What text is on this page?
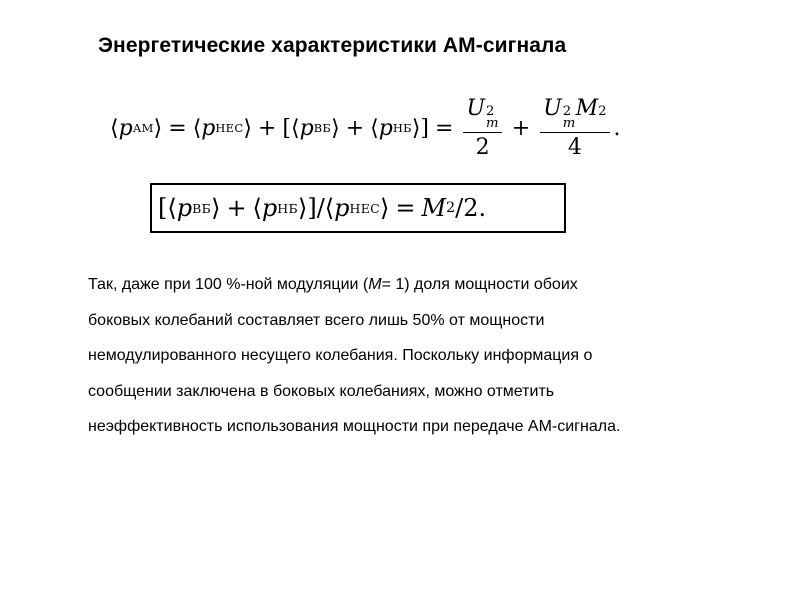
Энергетические характеристики АМ-сигнала
⟨ p АМ ⟩ = ⟨ p НЕС ⟩ + [ ⟨ p ВБ ⟩ + ⟨ p НБ ⟩ ] = U 2
m
2 + U 2
m
M 2
4 .
[ ⟨ p ВБ ⟩ + ⟨ p НБ ⟩ ] / ⟨ p НЕС ⟩ = M 2 /2.
Так, даже при 100 %-ной модуляции ( M = 1 ) доля мощности обоих
боковых колебаний составляет всего лишь 50% от мощности
немодулированного несущего колебания. Поскольку информация о
сообщении заключена в боковых колебаниях, можно отметить
неэффективность использования мощности при передаче АМ-сигнала.
